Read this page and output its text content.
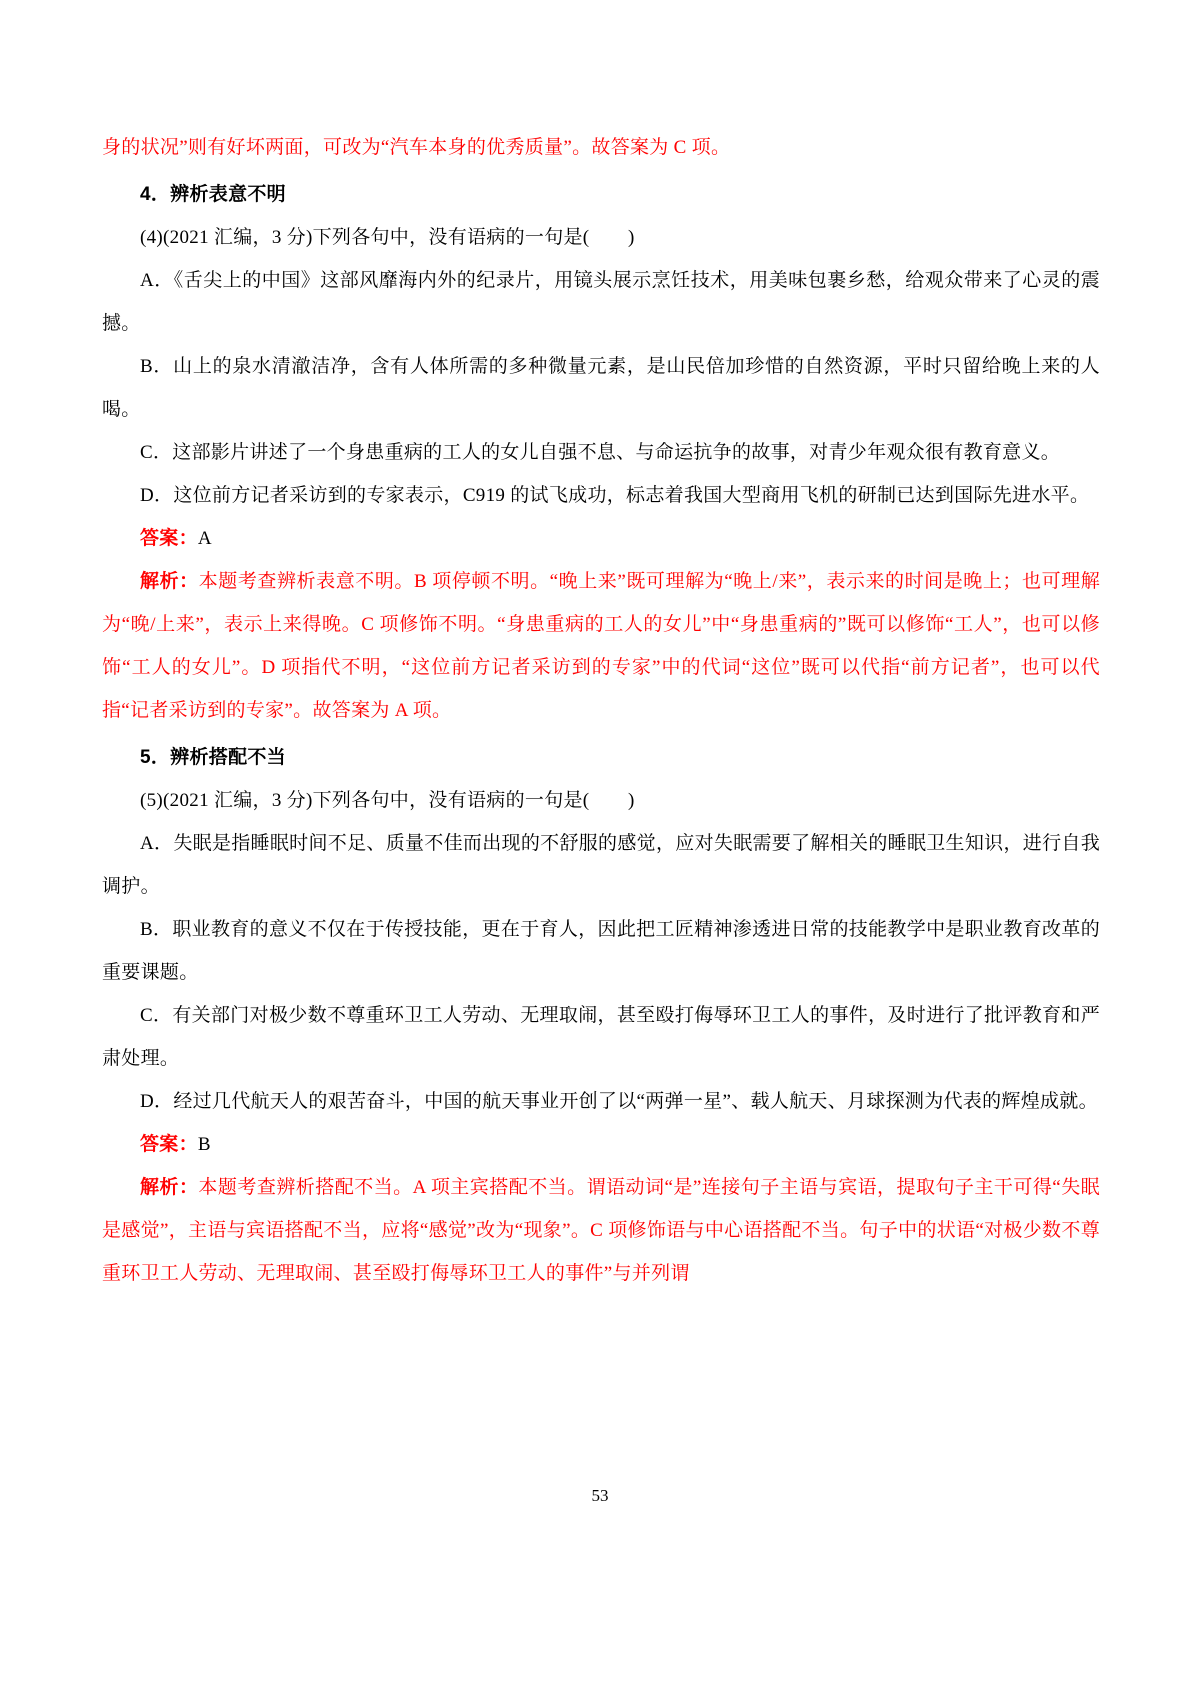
身的状况”则有好坏两面，可改为“汽车本身的优秀质量”。故答案为 C 项。

4．辨析表意不明

(4)(2021 汇编，3 分)下列各句中，没有语病的一句是(　　)

A．《舌尖上的中国》这部风靡海内外的纪录片，用镜头展示烹饪技术，用美味包裹乡愁，给观众带来了心灵的震撼。

B．山上的泉水清澈洁净，含有人体所需的多种微量元素，是山民倍加珍惜的自然资源，平时只留给晚上来的人喝。

C．这部影片讲述了一个身患重病的工人的女儿自强不息、与命运抗争的故事，对青少年观众很有教育意义。

D．这位前方记者采访到的专家表示，C919 的试飞成功，标志着我国大型商用飞机的研制已达到国际先进水平。

答案：A

解析：本题考查辨析表意不明。B 项停顿不明。“晚上来”既可理解为“晚上/来”，表示来的时间是晚上；也可理解为“晚/上来”，表示上来得晚。C 项修饰不明。“身患重病的工人的女儿”中“身患重病的”既可以修饰“工人”，也可以修饰“工人的女儿”。D 项指代不明，“这位前方记者采访到的专家”中的代词“这位”既可以代指“前方记者”，也可以代指“记者采访到的专家”。故答案为 A 项。

5．辨析搭配不当

(5)(2021 汇编，3 分)下列各句中，没有语病的一句是(　　)

A．失眠是指睡眠时间不足、质量不佳而出现的不舒服的感觉，应对失眠需要了解相关的睡眠卫生知识，进行自我调护。

B．职业教育的意义不仅在于传授技能，更在于育人，因此把工匠精神渗透进日常的技能教学中是职业教育改革的重要课题。

C．有关部门对极少数不尊重环卫工人劳动、无理取闹，甚至殴打侮辱环卫工人的事件，及时进行了批评教育和严肃处理。

D．经过几代航天人的艰苦奋斗，中国的航天事业开创了以“两弹一星”、载人航天、月球探测为代表的辉煌成就。

答案：B

解析：本题考查辨析搭配不当。A 项主宾搭配不当。谓语动词“是”连接句子主语与宾语，提取句子主干可得“失眠是感觉”，主语与宾语搭配不当，应将“感觉”改为“现象”。C 项修饰语与中心语搭配不当。句子中的状语“对极少数不尊重环卫工人劳动、无理取闹、甚至殴打侮辱环卫工人的事件”与并列谓

53
